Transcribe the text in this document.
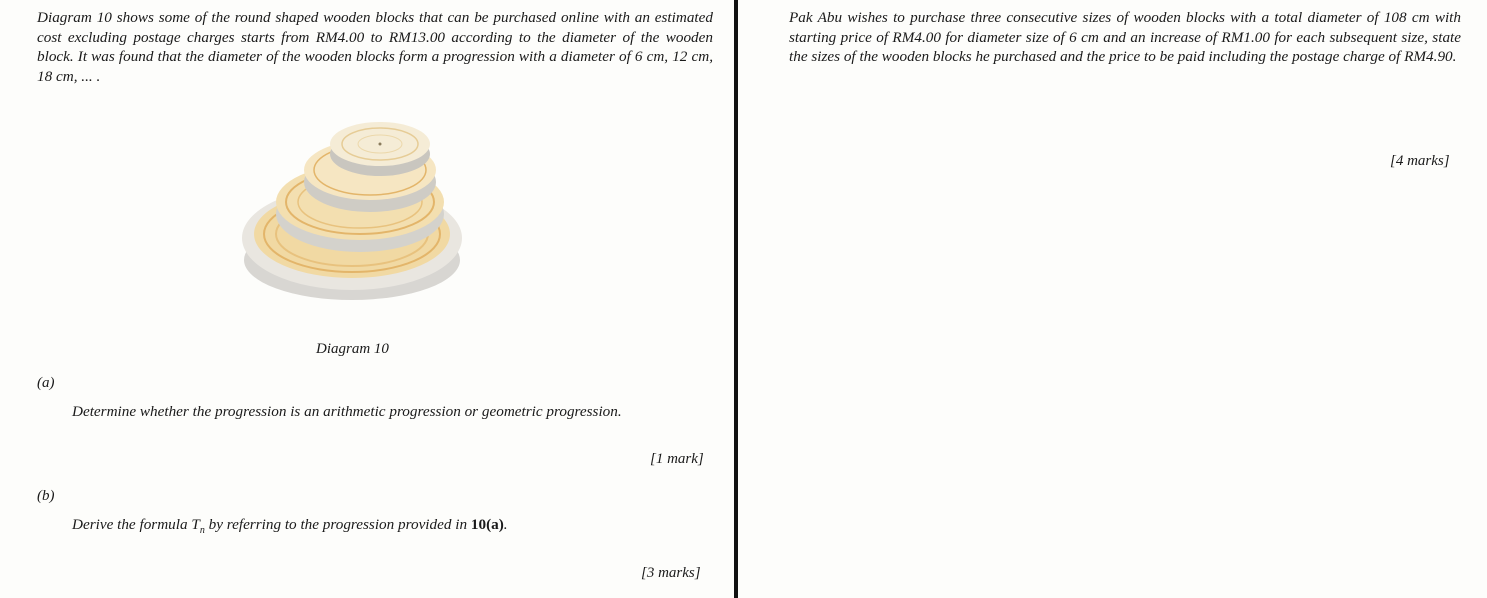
Diagram 10 shows some of the round shaped wooden blocks that can be purchased online with an estimated cost excluding postage charges starts from RM4.00 to RM13.00 according to the diameter of the wooden block. It was found that the diameter of the wooden blocks form a progression with a diameter of 6 cm, 12 cm, 18 cm, ... .

Diagram 10
(a)
Determine whether the progression is an arithmetic progression or geometric progression.
[1 mark]
(b)
Derive the formula $T_n$ by referring to the progression provided in 10(a).
[3 marks]

Pak Abu wishes to purchase three consecutive sizes of wooden blocks with a total diameter of 108 cm with starting price of RM4.00 for diameter size of 6 cm and an increase of RM1.00 for each subsequent size, state the sizes of the wooden blocks he purchased and the price to be paid including the postage charge of RM4.90.

[4 marks]
